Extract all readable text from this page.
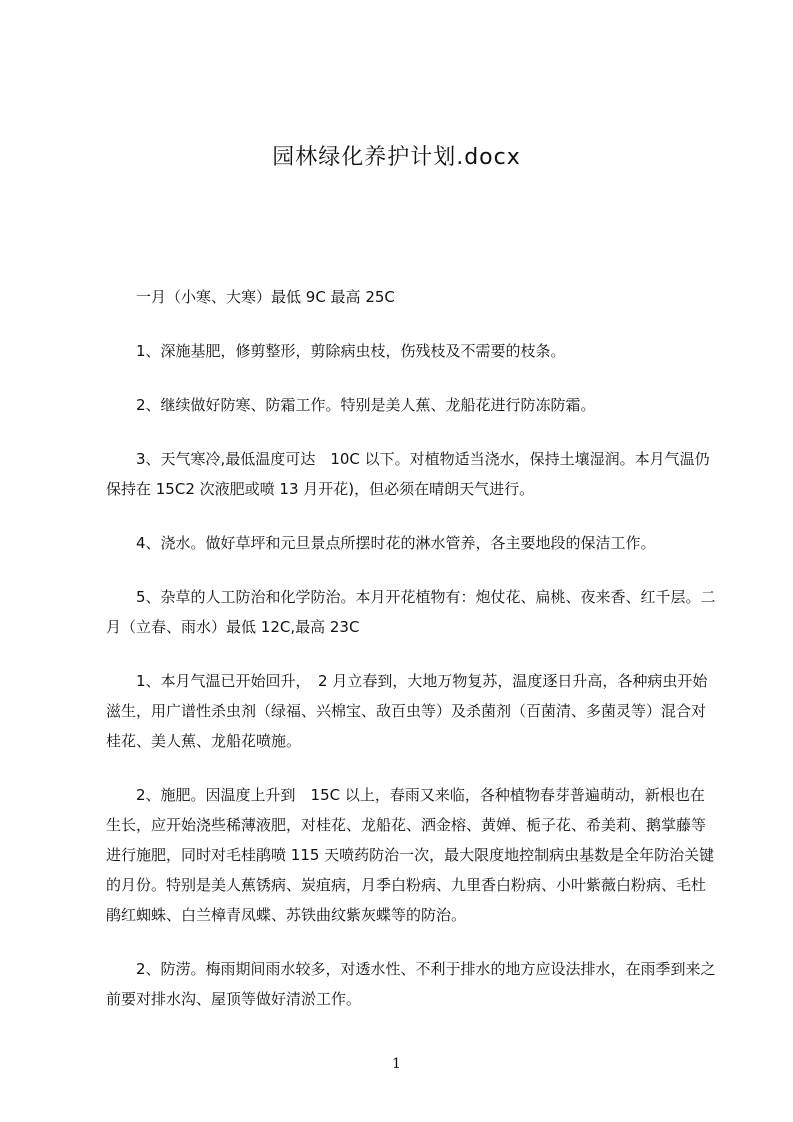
园林绿化养护计划.docx

一月（小寒、大寒）最低 9C 最高 25C

1、深施基肥，修剪整形，剪除病虫枝，伤残枝及不需要的枝条。

2、继续做好防寒、防霜工作。特别是美人蕉、龙船花进行防冻防霜。

3、天气寒冷,最低温度可达　10C 以下。对植物适当浇水，保持土壤湿润。本月气温仍保持在 15C2 次液肥或喷 13 月开花)，但必须在晴朗天气进行。

4、浇水。做好草坪和元旦景点所摆时花的淋水管养，各主要地段的保洁工作。

5、杂草的人工防治和化学防治。本月开花植物有：炮仗花、扁桃、夜来香、红千层。二月（立春、雨水）最低 12C,最高 23C

1、本月气温已开始回升，　2 月立春到，大地万物复苏，温度逐日升高，各种病虫开始滋生，用广谱性杀虫剂（绿福、兴棉宝、敌百虫等）及杀菌剂（百菌清、多菌灵等）混合对桂花、美人蕉、龙船花喷施。

2、施肥。因温度上升到　15C 以上，春雨又来临，各种植物春芽普遍萌动，新根也在生长，应开始浇些稀薄液肥，对桂花、龙船花、洒金榕、黄婵、栀子花、希美莉、鹅掌藤等进行施肥，同时对毛桂鹃喷 115 天喷药防治一次，最大限度地控制病虫基数是全年防治关键的月份。特别是美人蕉锈病、炭疽病，月季白粉病、九里香白粉病、小叶紫薇白粉病、毛杜鹃红蜘蛛、白兰樟青凤蝶、苏铁曲纹紫灰蝶等的防治。

2、防涝。梅雨期间雨水较多，对透水性、不利于排水的地方应设法排水，在雨季到来之前要对排水沟、屋顶等做好清淤工作。

1
